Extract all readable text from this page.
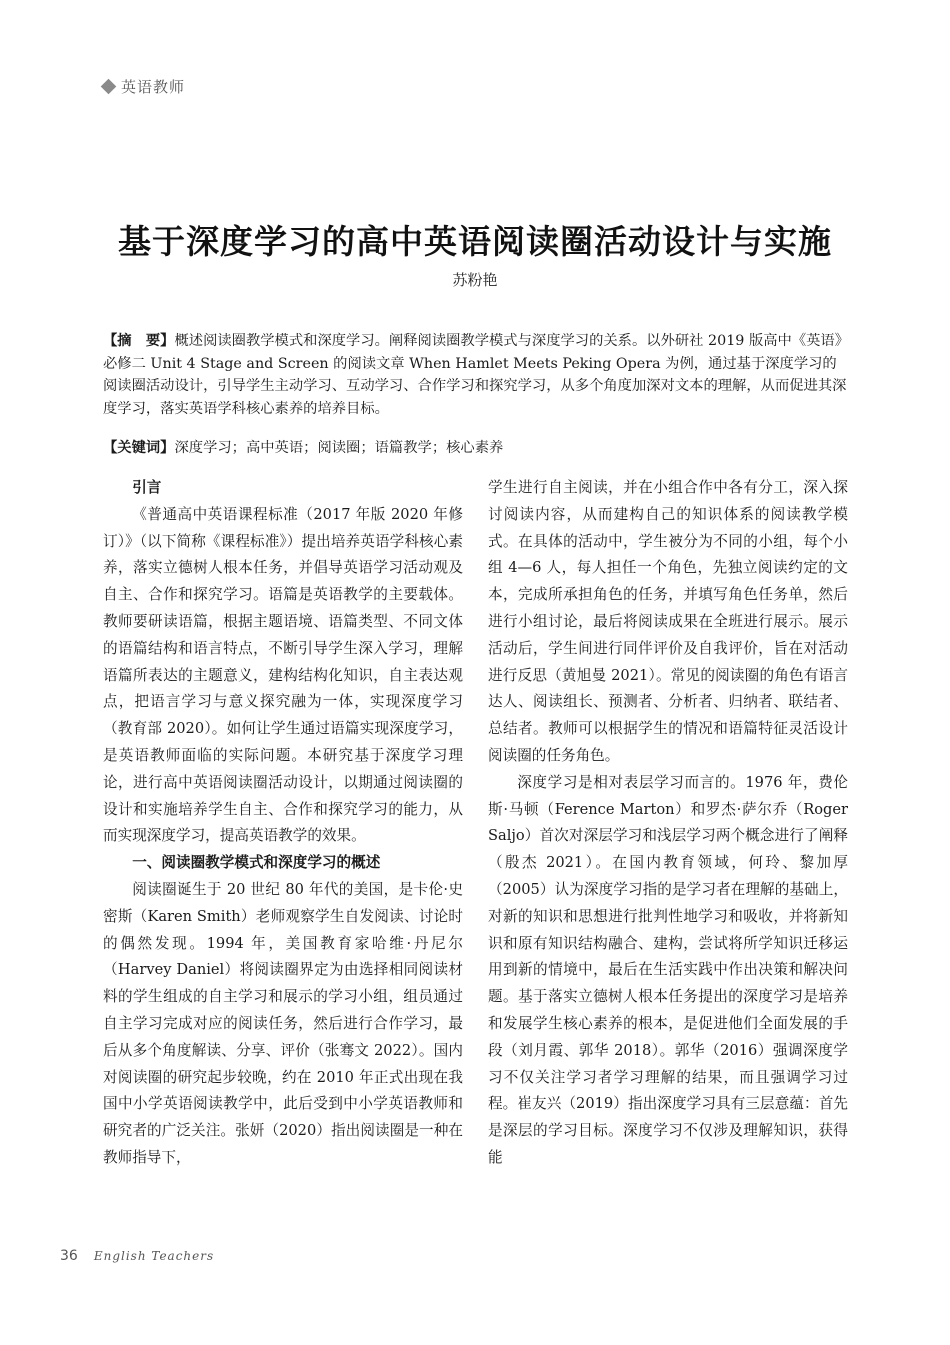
英语教师
基于深度学习的高中英语阅读圈活动设计与实施
苏粉艳
【摘　要】概述阅读圈教学模式和深度学习。阐释阅读圈教学模式与深度学习的关系。以外研社 2019 版高中《英语》必修二 Unit 4 Stage and Screen 的阅读文章 When Hamlet Meets Peking Opera 为例，通过基于深度学习的阅读圈活动设计，引导学生主动学习、互动学习、合作学习和探究学习，从多个角度加深对文本的理解，从而促进其深度学习，落实英语学科核心素养的培养目标。
【关键词】深度学习；高中英语；阅读圈；语篇教学；核心素养
引言

《普通高中英语课程标准（2017 年版 2020 年修订）》（以下简称《课程标准》）提出培养英语学科核心素养，落实立德树人根本任务，并倡导英语学习活动观及自主、合作和探究学习。语篇是英语教学的主要载体。教师要研读语篇，根据主题语境、语篇类型、不同文体的语篇结构和语言特点，不断引导学生深入学习，理解语篇所表达的主题意义，建构结构化知识，自主表达观点，把语言学习与意义探究融为一体，实现深度学习（教育部 2020）。如何让学生通过语篇实现深度学习，是英语教师面临的实际问题。本研究基于深度学习理论，进行高中英语阅读圈活动设计，以期通过阅读圈的设计和实施培养学生自主、合作和探究学习的能力，从而实现深度学习，提高英语教学的效果。

一、阅读圈教学模式和深度学习的概述

阅读圈诞生于 20 世纪 80 年代的美国，是卡伦·史密斯（Karen Smith）老师观察学生自发阅读、讨论时的偶然发现。1994 年，美国教育家哈维·丹尼尔（Harvey Daniel）将阅读圈界定为由选择相同阅读材料的学生组成的自主学习和展示的学习小组，组员通过自主学习完成对应的阅读任务，然后进行合作学习，最后从多个角度解读、分享、评价（张骞文 2022）。国内对阅读圈的研究起步较晚，约在 2010 年正式出现在我国中小学英语阅读教学中，此后受到中小学英语教师和研究者的广泛关注。张妍（2020）指出阅读圈是一种在教师指导下，

学生进行自主阅读，并在小组合作中各有分工，深入探讨阅读内容，从而建构自己的知识体系的阅读教学模式。在具体的活动中，学生被分为不同的小组，每个小组 4—6 人，每人担任一个角色，先独立阅读约定的文本，完成所承担角色的任务，并填写角色任务单，然后进行小组讨论，最后将阅读成果在全班进行展示。展示活动后，学生间进行同伴评价及自我评价，旨在对活动进行反思（黄旭曼 2021）。常见的阅读圈的角色有语言达人、阅读组长、预测者、分析者、归纳者、联结者、总结者。教师可以根据学生的情况和语篇特征灵活设计阅读圈的任务角色。

深度学习是相对表层学习而言的。1976 年，费伦斯·马顿（Ference Marton）和罗杰·萨尔乔（Roger Saljo）首次对深层学习和浅层学习两个概念进行了阐释（殷杰 2021）。在国内教育领域，何玲、黎加厚（2005）认为深度学习指的是学习者在理解的基础上，对新的知识和思想进行批判性地学习和吸收，并将新知识和原有知识结构融合、建构，尝试将所学知识迁移运用到新的情境中，最后在生活实践中作出决策和解决问题。基于落实立德树人根本任务提出的深度学习是培养和发展学生核心素养的根本，是促进他们全面发展的手段（刘月霞、郭华 2018）。郭华（2016）强调深度学习不仅关注学习者学习理解的结果，而且强调学习过程。崔友兴（2019）指出深度学习具有三层意蕴：首先是深层的学习目标。深度学习不仅涉及理解知识，获得能

36 English Teachers
